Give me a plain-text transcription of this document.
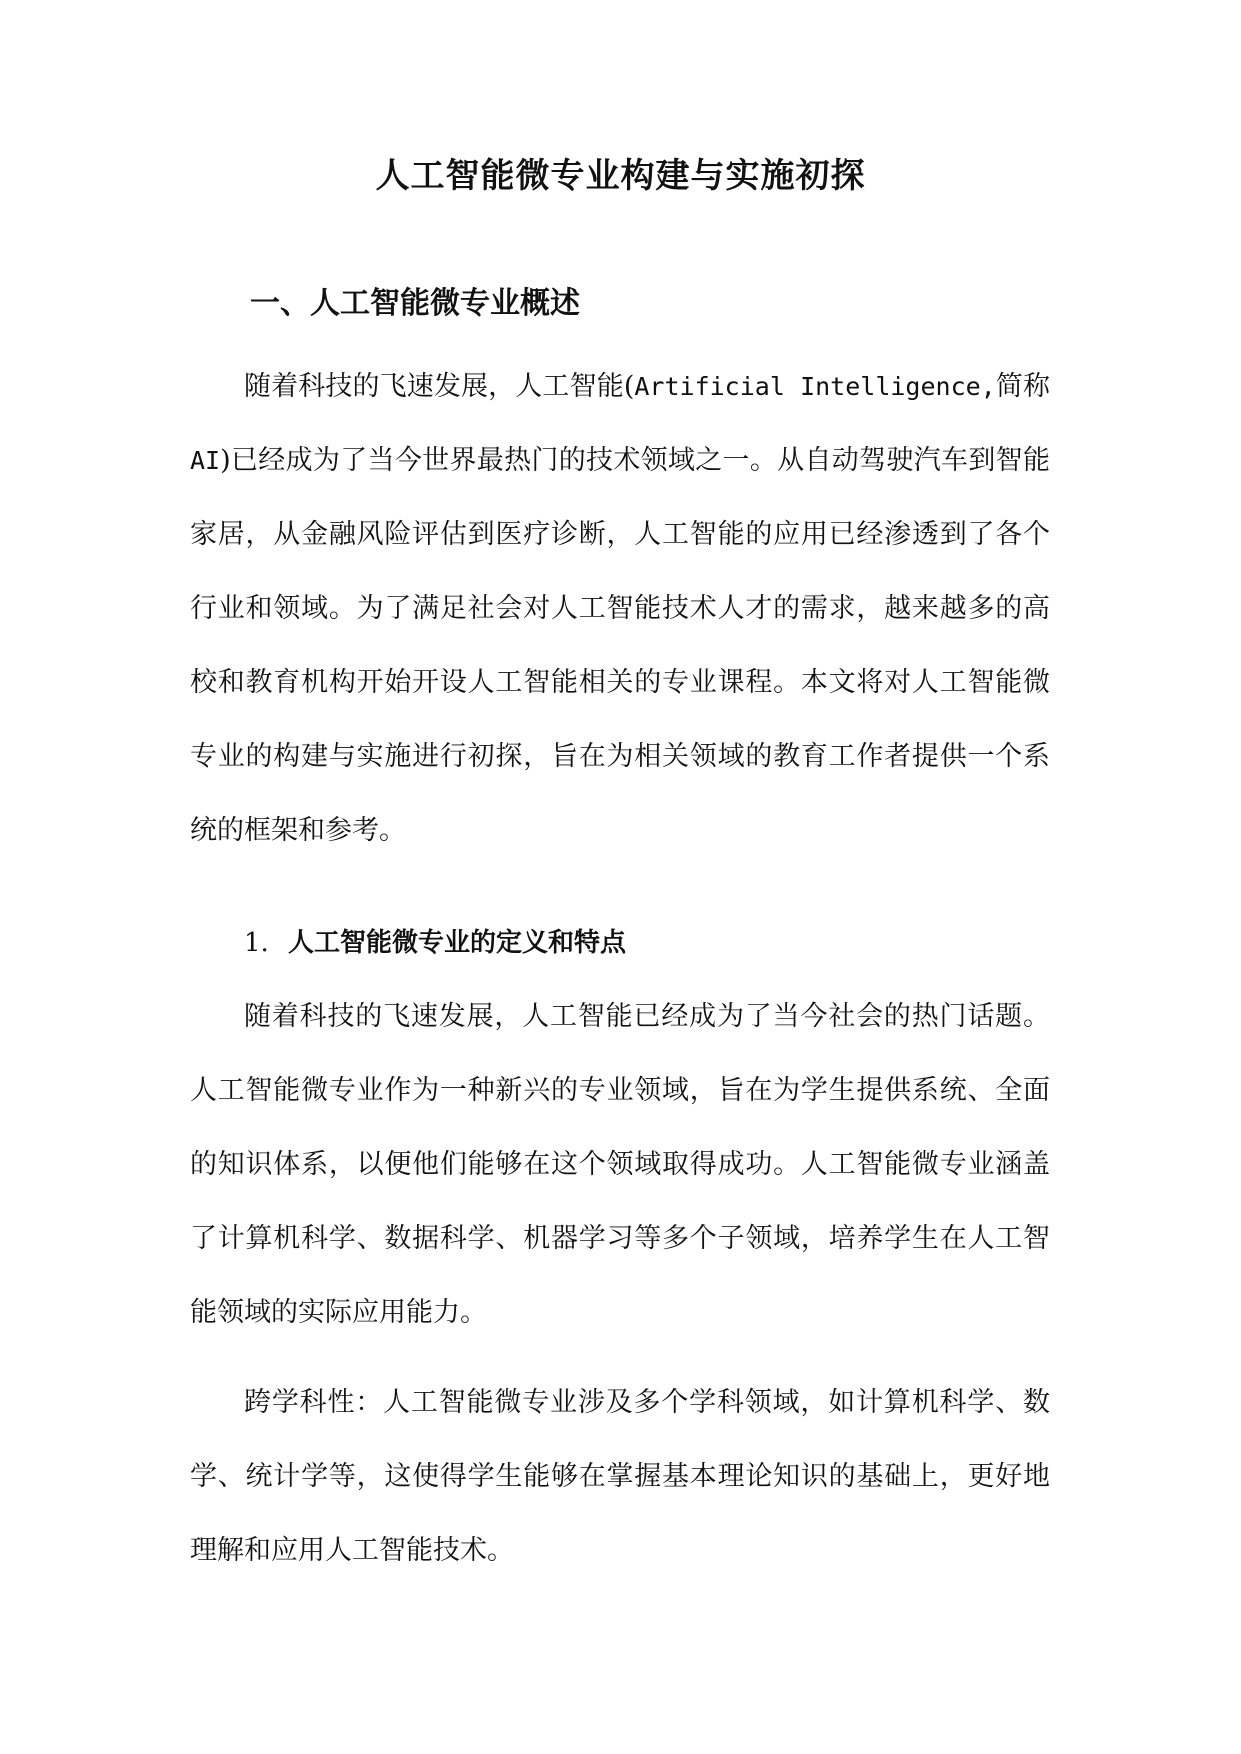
人工智能微专业构建与实施初探
一、人工智能微专业概述

随着科技的飞速发展，人工智能(Artificial Intelligence,简称 AI)已经成为了当今世界最热门的技术领域之一。从自动驾驶汽车到智能家居，从金融风险评估到医疗诊断，人工智能的应用已经渗透到了各个行业和领域。为了满足社会对人工智能技术人才的需求，越来越多的高校和教育机构开始开设人工智能相关的专业课程。本文将对人工智能微专业的构建与实施进行初探，旨在为相关领域的教育工作者提供一个系统的框架和参考。

1. 人工智能微专业的定义和特点

随着科技的飞速发展，人工智能已经成为了当今社会的热门话题。人工智能微专业作为一种新兴的专业领域，旨在为学生提供系统、全面的知识体系，以便他们能够在这个领域取得成功。人工智能微专业涵盖了计算机科学、数据科学、机器学习等多个子领域，培养学生在人工智能领域的实际应用能力。

跨学科性：人工智能微专业涉及多个学科领域，如计算机科学、数学、统计学等，这使得学生能够在掌握基本理论知识的基础上，更好地理解和应用人工智能技术。
